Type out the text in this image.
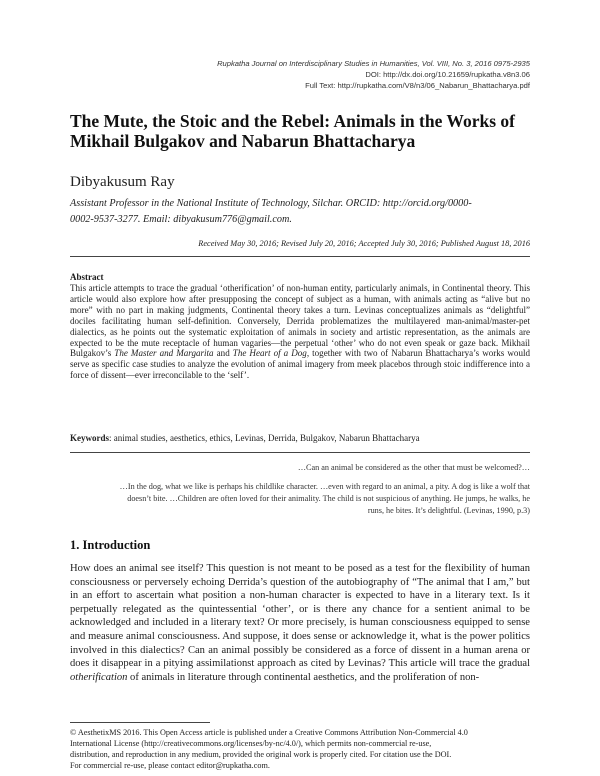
Rupkatha Journal on Interdisciplinary Studies in Humanities, Vol. VIII, No. 3, 2016 0975-2935
DOI: http://dx.doi.org/10.21659/rupkatha.v8n3.06
Full Text: http://rupkatha.com/V8/n3/06_Nabarun_Bhattacharya.pdf
The Mute, the Stoic and the Rebel: Animals in the Works of
Mikhail Bulgakov and Nabarun Bhattacharya
Dibyakusum Ray
Assistant Professor in the National Institute of Technology, Silchar. ORCID: http://orcid.org/0000-
0002-9537-3277. Email: dibyakusum776@gmail.com.
Received May 30, 2016; Revised July 20, 2016; Accepted July 30, 2016; Published August 18, 2016
Abstract
This article attempts to trace the gradual ‘otherification’ of non-human entity, particularly animals, in Continental theory. This article would also explore how after presupposing the concept of subject as a human, with animals acting as “alive but no more” with no part in making judgments, Continental theory takes a turn. Levinas conceptualizes animals as “delightful” dociles facilitating human self-definition. Conversely, Derrida problematizes the multilayered man-animal/master-pet dialectics, as he points out the systematic exploitation of animals in society and artistic representation, as the animals are expected to be the mute receptacle of human vagaries—the perpetual ‘other’ who do not even speak or gaze back. Mikhail Bulgakov’s The Master and Margarita and The Heart of a Dog, together with two of Nabarun Bhattacharya’s works would serve as specific case studies to analyze the evolution of animal imagery from meek placebos through stoic indifference into a force of dissent—ever irreconcilable to the ‘self’.
Keywords: animal studies, aesthetics, ethics, Levinas, Derrida, Bulgakov, Nabarun Bhattacharya
…Can an animal be considered as the other that must be welcomed?…
…In the dog, what we like is perhaps his childlike character. …even with regard to an animal, a pity. A dog is like a wolf that doesn’t bite. …Children are often loved for their animality. The child is not suspicious of anything. He jumps, he walks, he runs, he bites. It’s delightful. (Levinas, 1990, p.3)
1. Introduction
How does an animal see itself? This question is not meant to be posed as a test for the flexibility of human consciousness or perversely echoing Derrida’s question of the autobiography of “The animal that I am,” but in an effort to ascertain what position a non-human character is expected to have in a literary text. Is it perpetually relegated as the quintessential ‘other’, or is there any chance for a sentient animal to be acknowledged and included in a literary text? Or more precisely, is human consciousness equipped to sense and measure animal consciousness. And suppose, it does sense or acknowledge it, what is the power politics involved in this dialectics? Can an animal possibly be considered as a force of dissent in a human arena or does it disappear in a pitying assimilationst approach as cited by Levinas? This article will trace the gradual otherification of animals in literature through continental aesthetics, and the proliferation of non-
© AesthetixMS 2016. This Open Access article is published under a Creative Commons Attribution Non-Commercial 4.0
International License (http://creativecommons.org/licenses/by-nc/4.0/), which permits non-commercial re-use,
distribution, and reproduction in any medium, provided the original work is properly cited. For citation use the DOI.
For commercial re-use, please contact editor@rupkatha.com.
